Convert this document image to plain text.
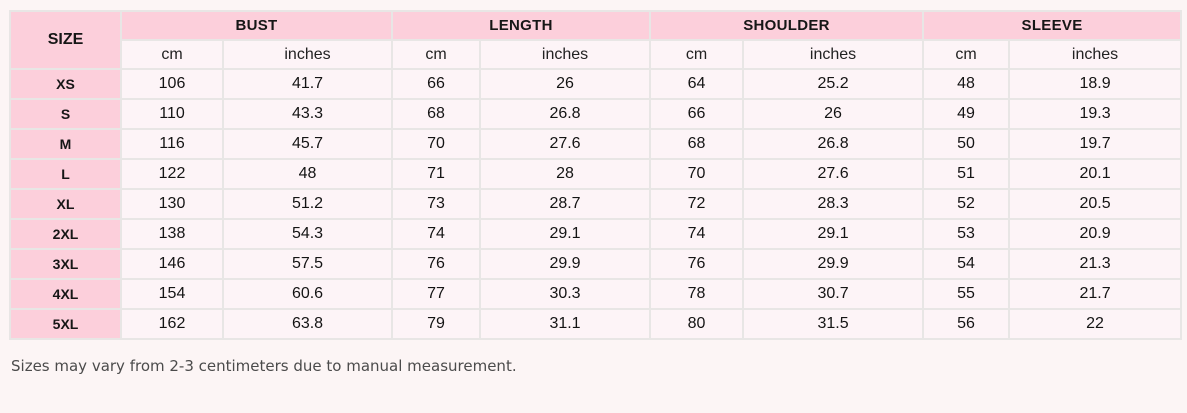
SIZE	BUST		LENGTH		SHOULDER		SLEEVE	
	cm	inches	cm	inches	cm	inches	cm	inches
XS	106	41.7	66	26	64	25.2	48	18.9
S	110	43.3	68	26.8	66	26	49	19.3
M	116	45.7	70	27.6	68	26.8	50	19.7
L	122	48	71	28	70	27.6	51	20.1
XL	130	51.2	73	28.7	72	28.3	52	20.5
2XL	138	54.3	74	29.1	74	29.1	53	20.9
3XL	146	57.5	76	29.9	76	29.9	54	21.3
4XL	154	60.6	77	30.3	78	30.7	55	21.7
5XL	162	63.8	79	31.1	80	31.5	56	22

Sizes may vary from 2-3 centimeters due to manual measurement.
